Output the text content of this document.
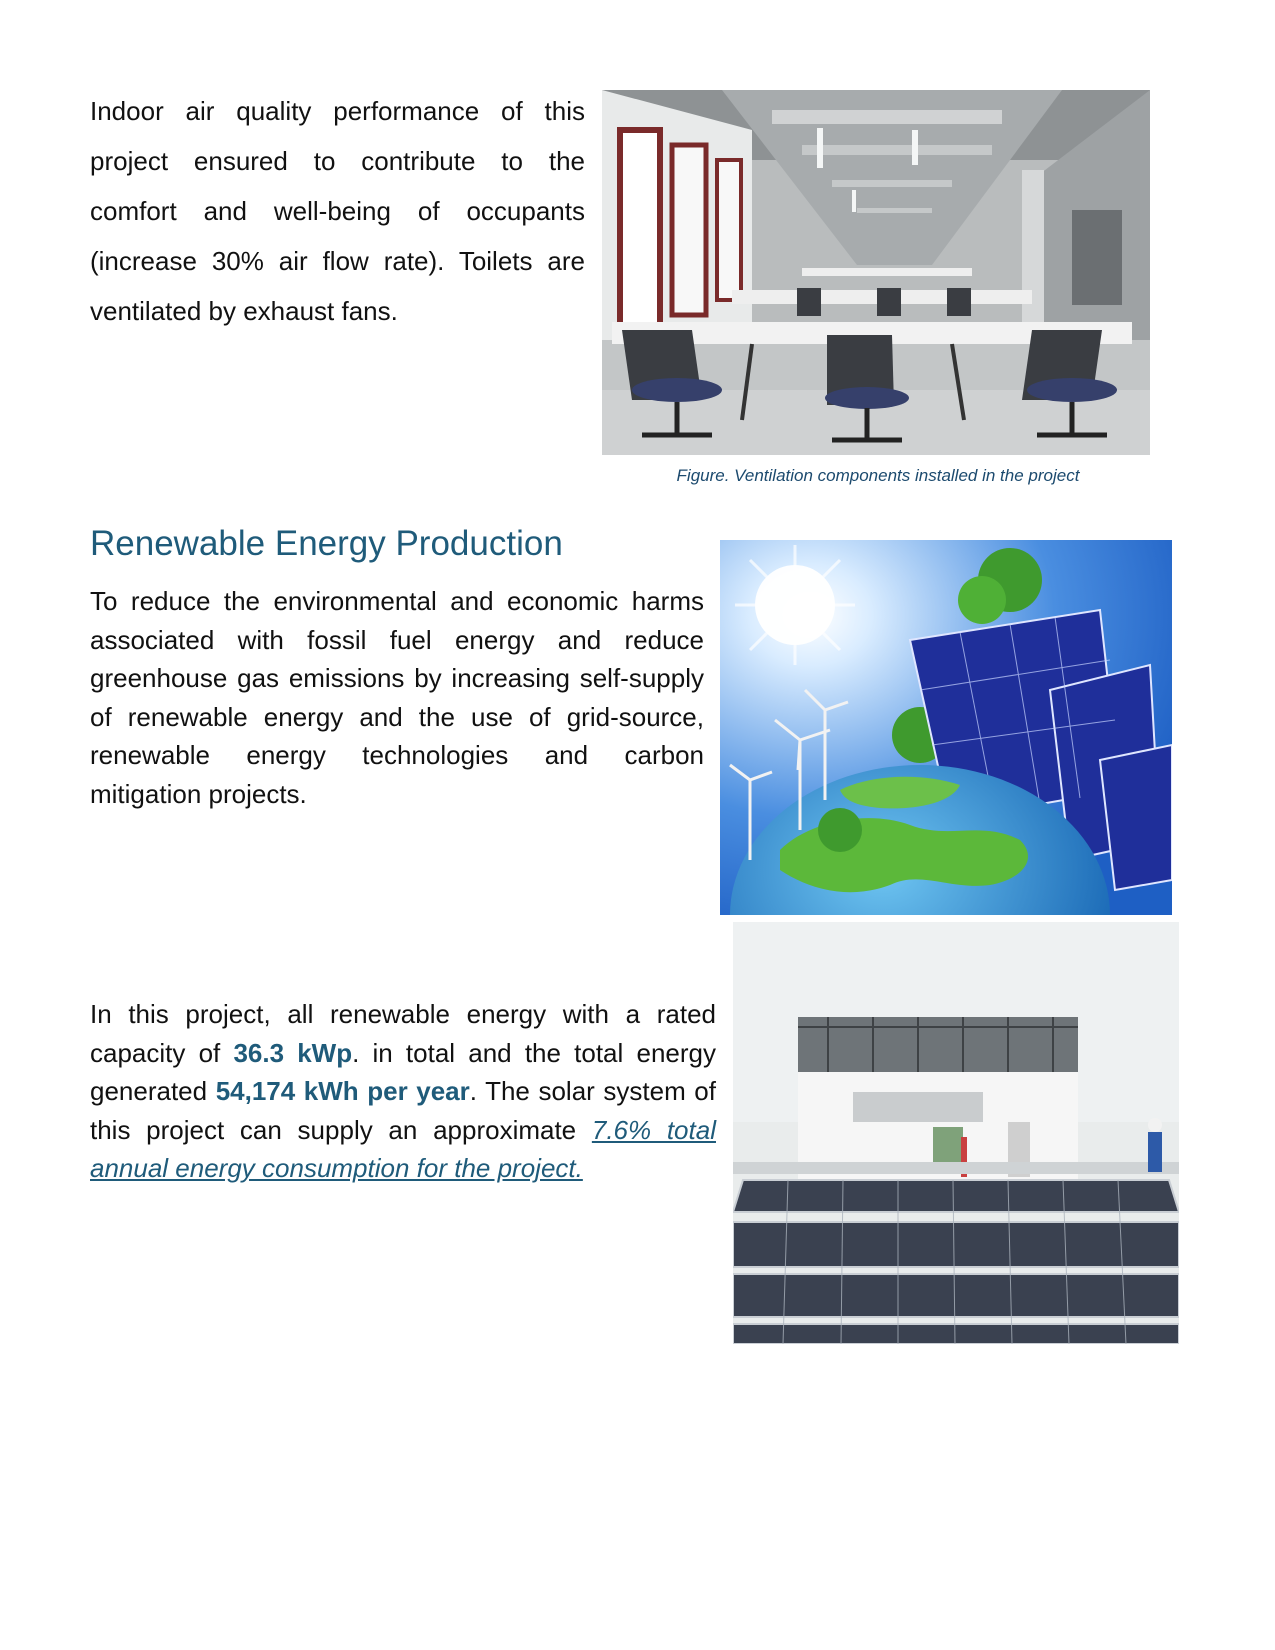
Indoor air quality performance of this project ensured to contribute to the comfort and well-being of occupants (increase 30% air flow rate). Toilets are ventilated by exhaust fans.

Figure. Ventilation components installed in the project
Renewable Energy Production

To reduce the environmental and economic harms associated with fossil fuel energy and reduce greenhouse gas emissions by increasing self-supply of renewable energy and the use of grid-source, renewable energy technologies and carbon mitigation projects.

In this project, all renewable energy with a rated capacity of 36.3 kWp. in total and the total energy generated 54,174 kWh per year. The solar system of this project can supply an approximate 7.6% total annual energy consumption for the project.
